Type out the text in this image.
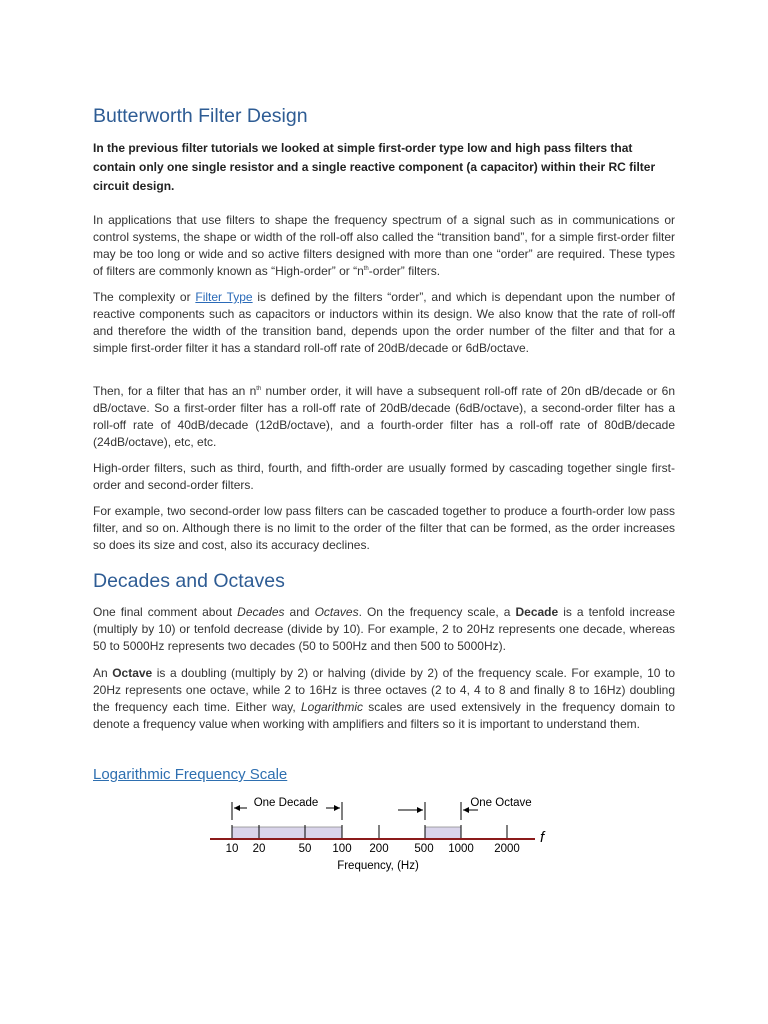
Butterworth Filter Design

In the previous filter tutorials we looked at simple first-order type low and high pass filters that contain only one single resistor and a single reactive component (a capacitor) within their RC filter circuit design.

In applications that use filters to shape the frequency spectrum of a signal such as in communications or control systems, the shape or width of the roll-off also called the “transition band”, for a simple first-order filter may be too long or wide and so active filters designed with more than one “order” are required. These types of filters are commonly known as “High-order” or “$n^{th}$-order” filters.

The complexity or Filter Type is defined by the filters “order”, and which is dependant upon the number of reactive components such as capacitors or inductors within its design. We also know that the rate of roll-off and therefore the width of the transition band, depends upon the order number of the filter and that for a simple first-order filter it has a standard roll-off rate of 20dB/decade or 6dB/octave.

Then, for a filter that has an $n^{th}$ number order, it will have a subsequent roll-off rate of 20n dB/decade or 6n dB/octave. So a first-order filter has a roll-off rate of 20dB/decade (6dB/octave), a second-order filter has a roll-off rate of 40dB/decade (12dB/octave), and a fourth-order filter has a roll-off rate of 80dB/decade (24dB/octave), etc, etc.

High-order filters, such as third, fourth, and fifth-order are usually formed by cascading together single first-order and second-order filters.

For example, two second-order low pass filters can be cascaded together to produce a fourth-order low pass filter, and so on. Although there is no limit to the order of the filter that can be formed, as the order increases so does its size and cost, also its accuracy declines.

Decades and Octaves

One final comment about Decades and Octaves. On the frequency scale, a Decade is a tenfold increase (multiply by 10) or tenfold decrease (divide by 10). For example, 2 to 20Hz represents one decade, whereas 50 to 5000Hz represents two decades (50 to 500Hz and then 500 to 5000Hz).

An Octave is a doubling (multiply by 2) or halving (divide by 2) of the frequency scale. For example, 10 to 20Hz represents one octave, while 2 to 16Hz is three octaves (2 to 4, 4 to 8 and finally 8 to 16Hz) doubling the frequency each time. Either way, Logarithmic scales are used extensively in the frequency domain to denote a frequency value when working with amplifiers and filters so it is important to understand them.

Logarithmic Frequency Scale
One Decade	One Octave
f
10 20	50 100 200 500 1000 2000
Frequency, (Hz)
